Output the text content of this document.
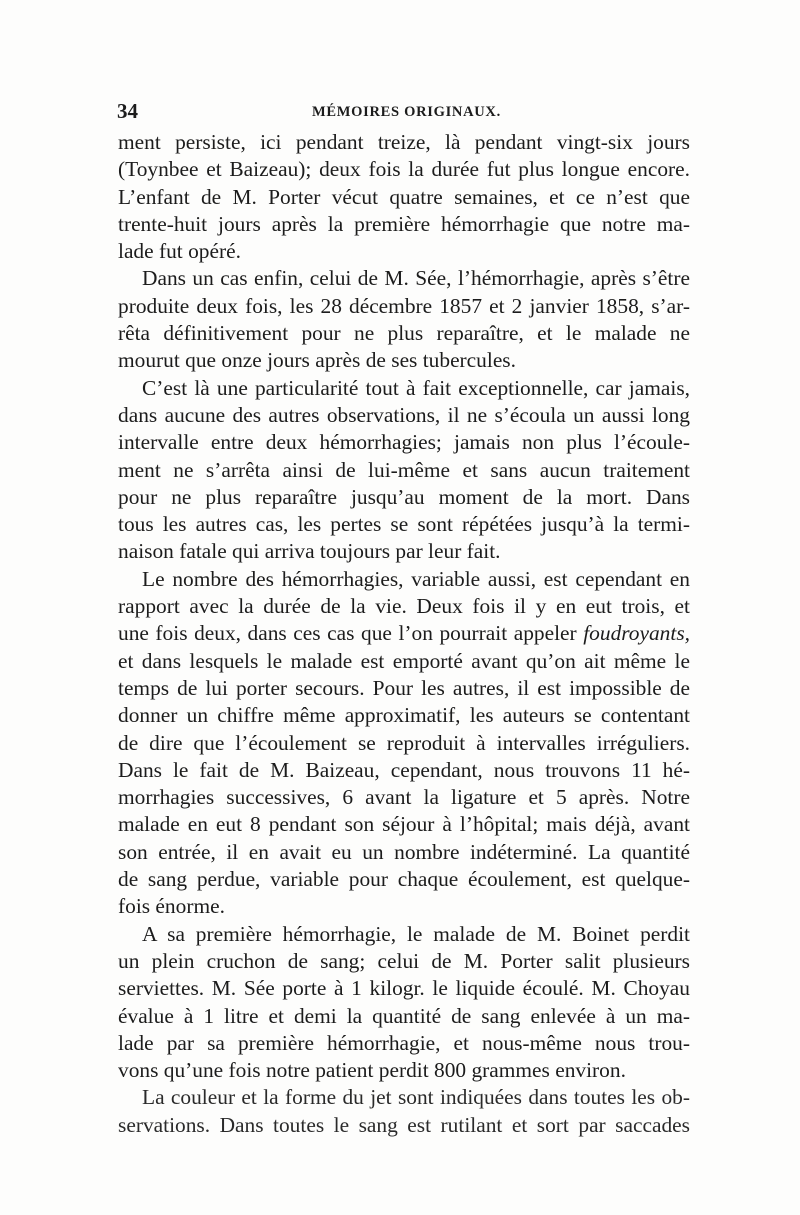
34	MÉMOIRES ORIGINAUX.
ment persiste, ici pendant treize, là pendant vingt-six jours
(Toynbee et Baizeau); deux fois la durée fut plus longue encore.
L’enfant de M. Porter vécut quatre semaines, et ce n’est que
trente-huit jours après la première hémorrhagie que notre ma-
lade fut opéré.
Dans un cas enfin, celui de M. Sée, l’hémorrhagie, après s’être
produite deux fois, les 28 décembre 1857 et 2 janvier 1858, s’ar-
rêta définitivement pour ne plus reparaître, et le malade ne
mourut que onze jours après de ses tubercules.
C’est là une particularité tout à fait exceptionnelle, car jamais,
dans aucune des autres observations, il ne s’écoula un aussi long
intervalle entre deux hémorrhagies; jamais non plus l’écoule-
ment ne s’arrêta ainsi de lui-même et sans aucun traitement
pour ne plus reparaître jusqu’au moment de la mort. Dans
tous les autres cas, les pertes se sont répétées jusqu’à la termi-
naison fatale qui arriva toujours par leur fait.
Le nombre des hémorrhagies, variable aussi, est cependant en
rapport avec la durée de la vie. Deux fois il y en eut trois, et
une fois deux, dans ces cas que l’on pourrait appeler foudroyants,
et dans lesquels le malade est emporté avant qu’on ait même le
temps de lui porter secours. Pour les autres, il est impossible de
donner un chiffre même approximatif, les auteurs se contentant
de dire que l’écoulement se reproduit à intervalles irréguliers.
Dans le fait de M. Baizeau, cependant, nous trouvons 11 hé-
morrhagies successives, 6 avant la ligature et 5 après. Notre
malade en eut 8 pendant son séjour à l’hôpital; mais déjà, avant
son entrée, il en avait eu un nombre indéterminé. La quantité
de sang perdue, variable pour chaque écoulement, est quelque-
fois énorme.
A sa première hémorrhagie, le malade de M. Boinet perdit
un plein cruchon de sang; celui de M. Porter salit plusieurs
serviettes. M. Sée porte à 1 kilogr. le liquide écoulé. M. Choyau
évalue à 1 litre et demi la quantité de sang enlevée à un ma-
lade par sa première hémorrhagie, et nous-même nous trou-
vons qu’une fois notre patient perdit 800 grammes environ.
La couleur et la forme du jet sont indiquées dans toutes les ob-
servations. Dans toutes le sang est rutilant et sort par saccades
